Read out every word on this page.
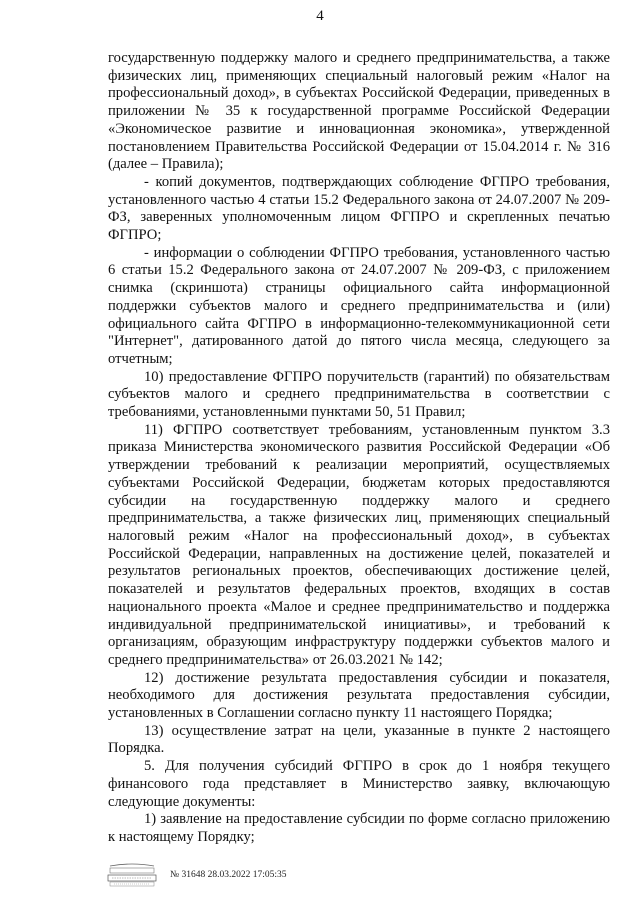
4

государственную поддержку малого и среднего предпринимательства, а также физических лиц, применяющих специальный налоговый режим «Налог на профессиональный доход», в субъектах Российской Федерации, приведенных в приложении № 35 к государственной программе Российской Федерации «Экономическое развитие и инновационная экономика», утвержденной постановлением Правительства Российской Федерации от 15.04.2014 г. № 316 (далее – Правила);

- копий документов, подтверждающих соблюдение ФГПРО требования, установленного частью 4 статьи 15.2 Федерального закона от 24.07.2007 № 209-ФЗ, заверенных уполномоченным лицом ФГПРО и скрепленных печатью ФГПРО;

- информации о соблюдении ФГПРО требования, установленного частью 6 статьи 15.2 Федерального закона от 24.07.2007 № 209-ФЗ, с приложением снимка (скриншота) страницы официального сайта информационной поддержки субъектов малого и среднего предпринимательства и (или) официального сайта ФГПРО в информационно-телекоммуникационной сети "Интернет", датированного датой до пятого числа месяца, следующего за отчетным;

10) предоставление ФГПРО поручительств (гарантий) по обязательствам субъектов малого и среднего предпринимательства в соответствии с требованиями, установленными пунктами 50, 51 Правил;

11) ФГПРО соответствует требованиям, установленным пунктом 3.3 приказа Министерства экономического развития Российской Федерации «Об утверждении требований к реализации мероприятий, осуществляемых субъектами Российской Федерации, бюджетам которых предоставляются субсидии на государственную поддержку малого и среднего предпринимательства, а также физических лиц, применяющих специальный налоговый режим «Налог на профессиональный доход», в субъектах Российской Федерации, направленных на достижение целей, показателей и результатов региональных проектов, обеспечивающих достижение целей, показателей и результатов федеральных проектов, входящих в состав национального проекта «Малое и среднее предпринимательство и поддержка индивидуальной предпринимательской инициативы», и требований к организациям, образующим инфраструктуру поддержки субъектов малого и среднего предпринимательства» от 26.03.2021 № 142;

12) достижение результата предоставления субсидии и показателя, необходимого для достижения результата предоставления субсидии, установленных в Соглашении согласно пункту 11 настоящего Порядка;

13) осуществление затрат на цели, указанные в пункте 2 настоящего Порядка.

5. Для получения субсидий ФГПРО в срок до 1 ноября текущего финансового года представляет в Министерство заявку, включающую следующие документы:

1) заявление на предоставление субсидии по форме согласно приложению к настоящему Порядку;

№ 31648 28.03.2022 17:05:35
